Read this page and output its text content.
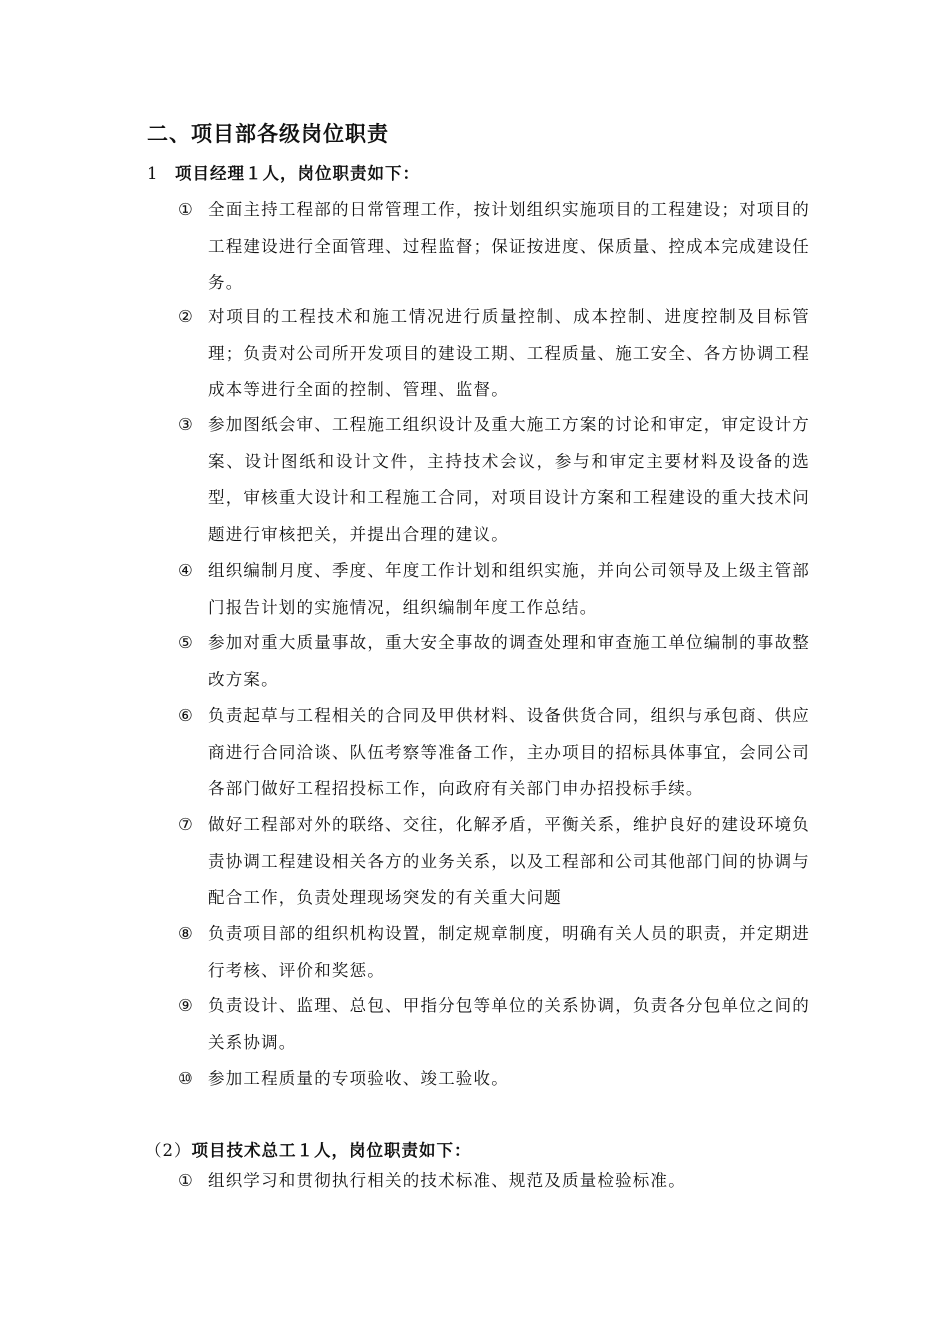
二、项目部各级岗位职责
1 项目经理１人，岗位职责如下：
① 全面主持工程部的日常管理工作，按计划组织实施项目的工程建设；对项目的工程建设进行全面管理、过程监督；保证按进度、保质量、控成本完成建设任务。
② 对项目的工程技术和施工情况进行质量控制、成本控制、进度控制及目标管理；负责对公司所开发项目的建设工期、工程质量、施工安全、各方协调工程成本等进行全面的控制、管理、监督。
③ 参加图纸会审、工程施工组织设计及重大施工方案的讨论和审定，审定设计方案、设计图纸和设计文件，主持技术会议，参与和审定主要材料及设备的选型，审核重大设计和工程施工合同，对项目设计方案和工程建设的重大技术问题进行审核把关，并提出合理的建议。
④ 组织编制月度、季度、年度工作计划和组织实施，并向公司领导及上级主管部门报告计划的实施情况，组织编制年度工作总结。
⑤ 参加对重大质量事故，重大安全事故的调查处理和审查施工单位编制的事故整改方案。
⑥ 负责起草与工程相关的合同及甲供材料、设备供货合同，组织与承包商、供应商进行合同洽谈、队伍考察等准备工作，主办项目的招标具体事宜，会同公司各部门做好工程招投标工作，向政府有关部门申办招投标手续。
⑦ 做好工程部对外的联络、交往，化解矛盾，平衡关系，维护良好的建设环境负责协调工程建设相关各方的业务关系，以及工程部和公司其他部门间的协调与配合工作，负责处理现场突发的有关重大问题
⑧ 负责项目部的组织机构设置，制定规章制度，明确有关人员的职责，并定期进行考核、评价和奖惩。
⑨ 负责设计、监理、总包、甲指分包等单位的关系协调，负责各分包单位之间的关系协调。
⑩ 参加工程质量的专项验收、竣工验收。
（2）项目技术总工１人，岗位职责如下：
① 组织学习和贯彻执行相关的技术标准、规范及质量检验标准。
